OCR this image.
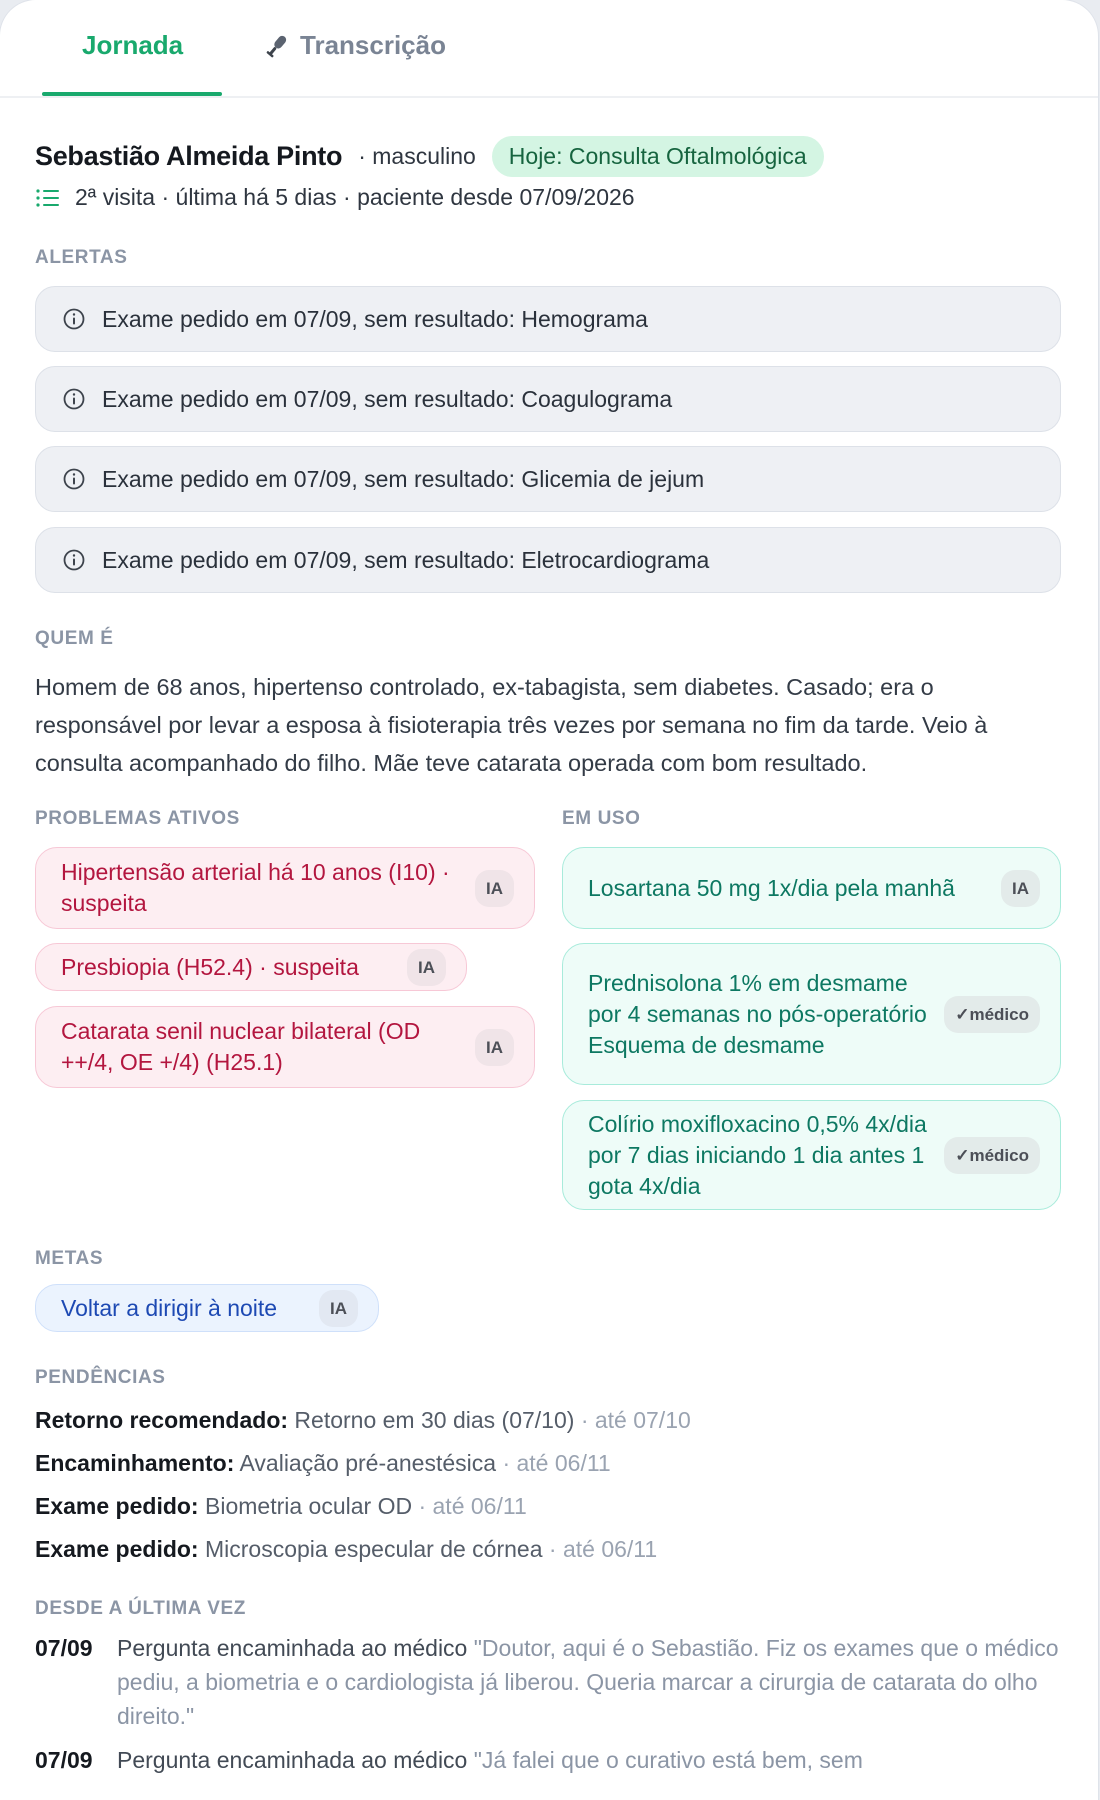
Jornada	Transcrição
Sebastião Almeida Pinto · masculino	Hoje: Consulta Oftalmológica
2ª visita · última há 5 dias · paciente desde 07/09/2026
ALERTAS
Exame pedido em 07/09, sem resultado: Hemograma
Exame pedido em 07/09, sem resultado: Coagulograma
Exame pedido em 07/09, sem resultado: Glicemia de jejum
Exame pedido em 07/09, sem resultado: Eletrocardiograma
QUEM É
Homem de 68 anos, hipertenso controlado, ex-tabagista, sem diabetes. Casado; era o responsável por levar a esposa à fisioterapia três vezes por semana no fim da tarde. Veio à consulta acompanhado do filho. Mãe teve catarata operada com bom resultado.
PROBLEMAS ATIVOS	EM USO
Hipertensão arterial há 10 anos (I10) · suspeita
IA
Presbiopia (H52.4) · suspeita	IA
Catarata senil nuclear bilateral (OD ++/4, OE +/4) (H25.1)
IA
Losartana 50 mg 1x/dia pela manhã	IA
Prednisolona 1% em desmame por 4 semanas no pós-operatório Esquema de desmame
✓médico
Colírio moxifloxacino 0,5% 4x/dia por 7 dias iniciando 1 dia antes 1 gota 4x/dia
✓médico
METAS
Voltar a dirigir à noite	IA
PENDÊNCIAS
Retorno recomendado: Retorno em 30 dias (07/10) · até 07/10
Encaminhamento: Avaliação pré-anestésica · até 06/11
Exame pedido: Biometria ocular OD · até 06/11
Exame pedido: Microscopia especular de córnea · até 06/11
DESDE A ÚLTIMA VEZ
07/09 Pergunta encaminhada ao médico "Doutor, aqui é o Sebastião. Fiz os exames que o médico pediu, a biometria e o cardiologista já liberou. Queria marcar a cirurgia de catarata do olho direito."
07/09 Pergunta encaminhada ao médico "Já falei que o curativo está bem, sem
